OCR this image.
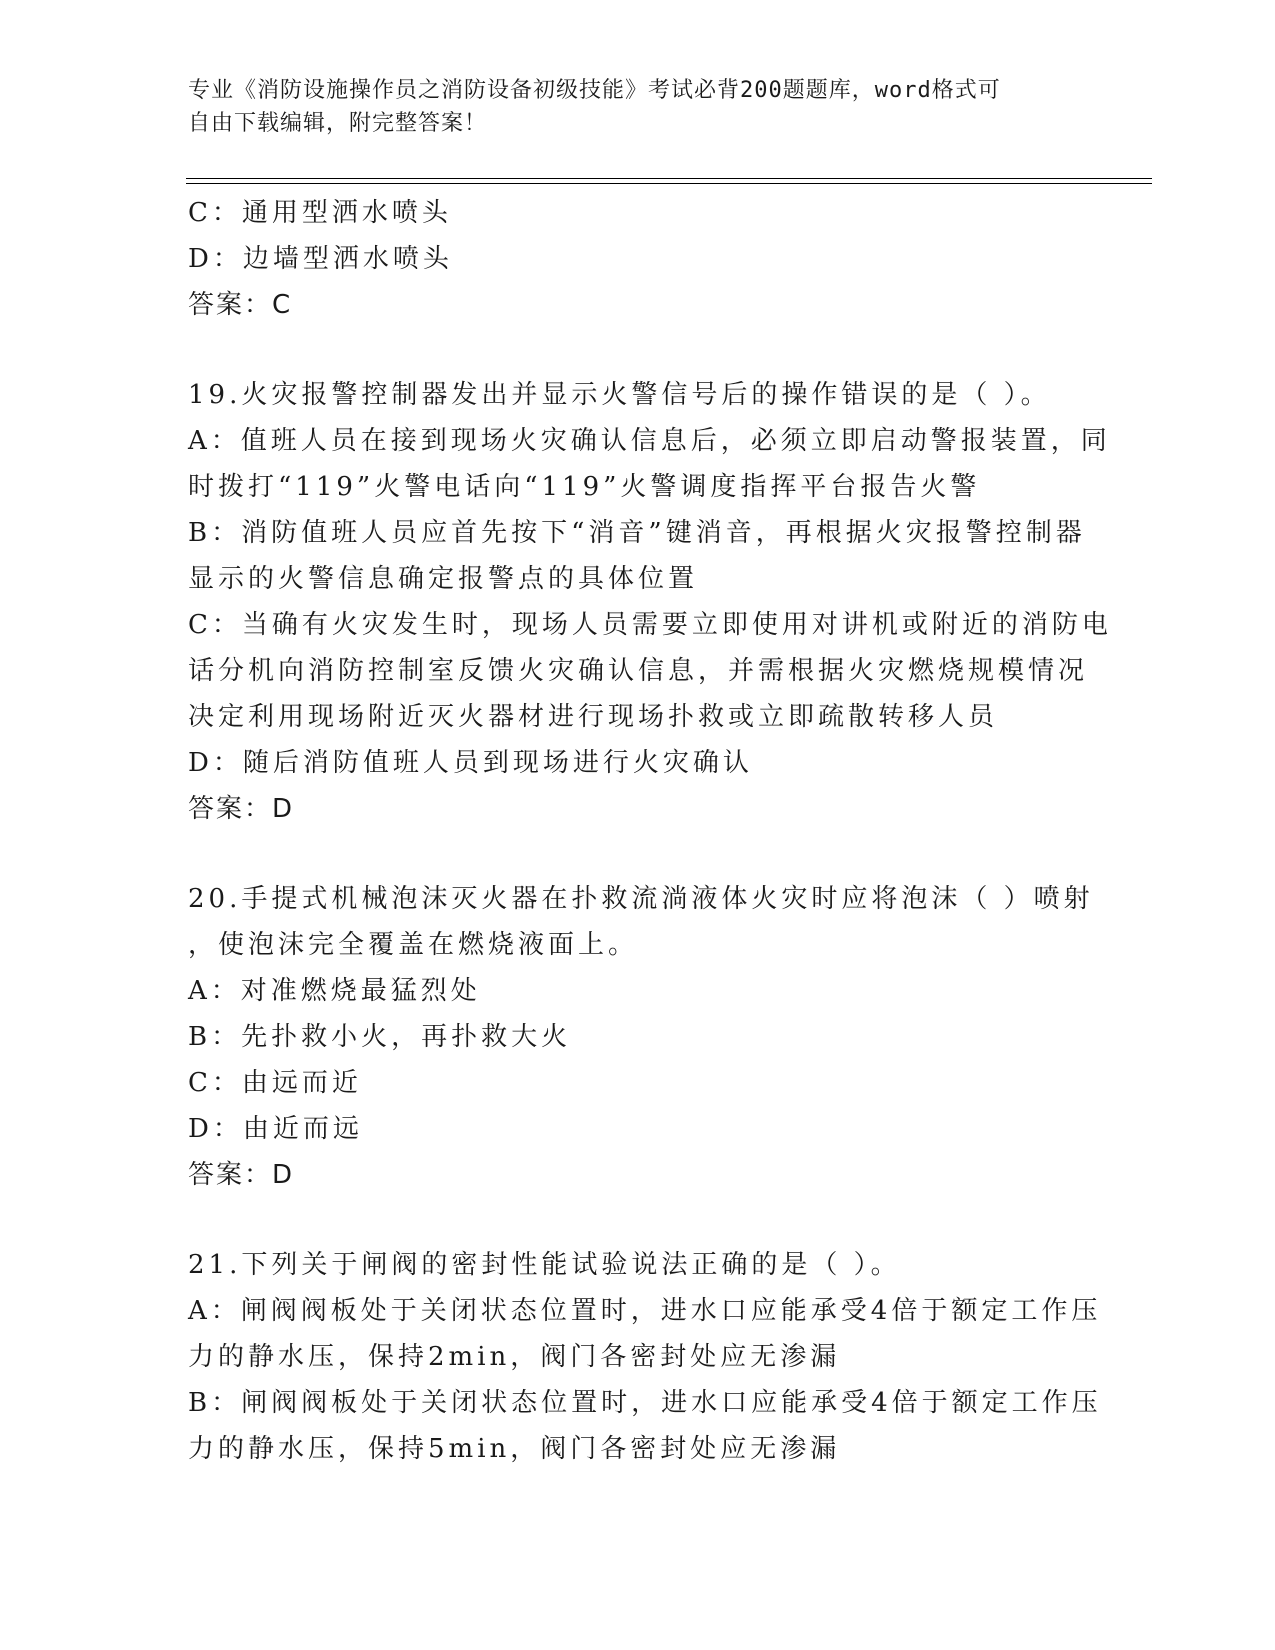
专业《消防设施操作员之消防设备初级技能》考试必背200题题库，word格式可
自由下载编辑，附完整答案！
C：通用型洒水喷头
D：边墙型洒水喷头
答案：C
19.火灾报警控制器发出并显示火警信号后的操作错误的是（ ）。
A：值班人员在接到现场火灾确认信息后，必须立即启动警报装置，同
时拨打“119”火警电话向“119”火警调度指挥平台报告火警
B：消防值班人员应首先按下“消音”键消音，再根据火灾报警控制器
显示的火警信息确定报警点的具体位置
C：当确有火灾发生时，现场人员需要立即使用对讲机或附近的消防电
话分机向消防控制室反馈火灾确认信息，并需根据火灾燃烧规模情况
决定利用现场附近灭火器材进行现场扑救或立即疏散转移人员
D：随后消防值班人员到现场进行火灾确认
答案：D
20.手提式机械泡沫灭火器在扑救流淌液体火灾时应将泡沫（ ）喷射
，使泡沫完全覆盖在燃烧液面上。
A：对准燃烧最猛烈处
B：先扑救小火，再扑救大火
C：由远而近
D：由近而远
答案：D
21.下列关于闸阀的密封性能试验说法正确的是（ ）。
A：闸阀阀板处于关闭状态位置时，进水口应能承受4倍于额定工作压
力的静水压，保持2min，阀门各密封处应无渗漏
B：闸阀阀板处于关闭状态位置时，进水口应能承受4倍于额定工作压
力的静水压，保持5min，阀门各密封处应无渗漏
